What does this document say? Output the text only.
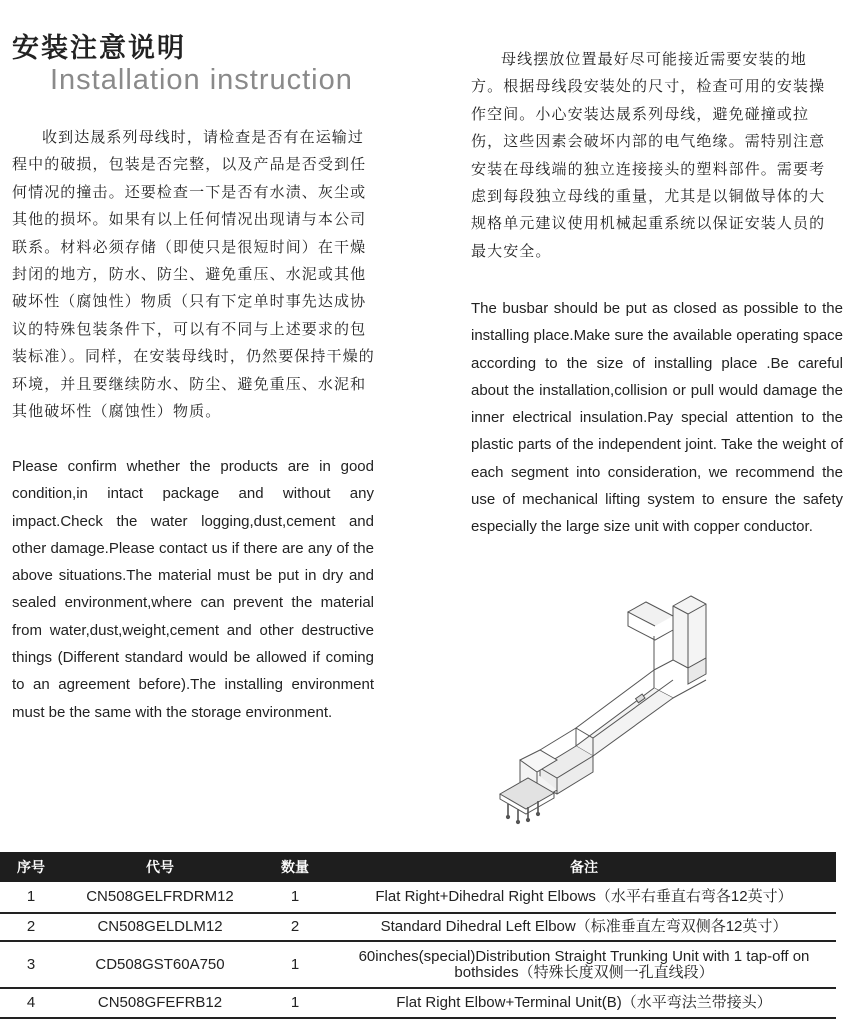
安装注意说明
Installation instruction

收到达晟系列母线时，请检查是否有在运输过程中的破损，包装是否完整，以及产品是否受到任何情况的撞击。还要检查一下是否有水渍、灰尘或其他的损坏。如果有以上任何情况出现请与本公司联系。材料必须存储（即使只是很短时间）在干燥封闭的地方，防水、防尘、避免重压、水泥或其他破坏性（腐蚀性）物质（只有下定单时事先达成协议的特殊包装条件下，可以有不同与上述要求的包装标准）。同样，在安装母线时，仍然要保持干燥的环境，并且要继续防水、防尘、避免重压、水泥和其他破坏性（腐蚀性）物质。

Please confirm whether the products are in good condition,in intact package and without any impact.Check the water logging,dust,cement and other damage.Please contact us if there are any of the above situations.The material must be put in dry and sealed environment,where can prevent the material from water,dust,weight,cement and other destructive things (Different standard would be allowed if coming to an agreement before).The installing environment must be the same with the storage environment.

母线摆放位置最好尽可能接近需要安装的地方。根据母线段安装处的尺寸，检查可用的安装操作空间。小心安装达晟系列母线，避免碰撞或拉伤，这些因素会破坏内部的电气绝缘。需特别注意安装在母线端的独立连接接头的塑料部件。需要考虑到每段独立母线的重量，尤其是以铜做导体的大规格单元建议使用机械起重系统以保证安装人员的最大安全。

The busbar should be put as closed as possible to the installing place.Make sure the available operating space according to the size of installing place .Be careful about the installation,collision or pull would damage the inner electrical insulation.Pay special attention to the plastic parts of the independent joint. Take the weight of each segment into consideration, we recommend the use of mechanical lifting system to ensure the safety especially the large size unit with copper conductor.

序号	代号	数量	备注
1	CN508GELFRDRM12	1	Flat Right+Dihedral Right Elbows（水平右垂直右弯各12英寸）
2	CN508GELDLM12	2	Standard Dihedral Left Elbow（标准垂直左弯双侧各12英寸）
3	CD508GST60A750	1	60inches(special)Distribution Straight Trunking Unit with 1 tap-off on bothsides（特殊长度双侧一孔直线段）
4	CN508GFEFRB12	1	Flat Right Elbow+Terminal Unit(B)（水平弯法兰带接头）
